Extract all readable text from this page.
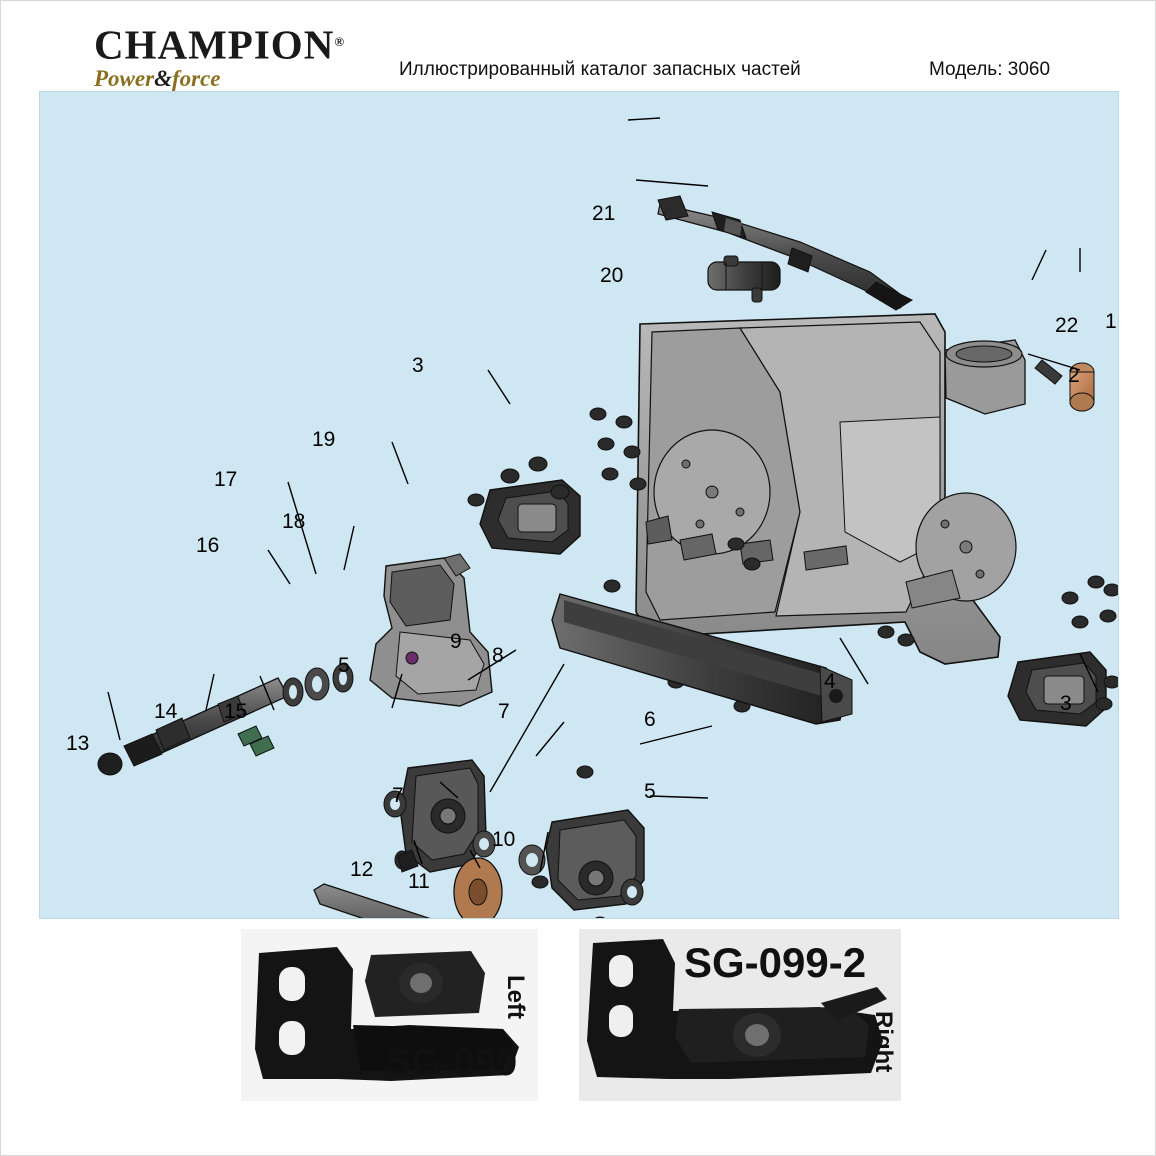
CHAMPION®
Power&force	Иллюстрированный каталог запасных частей	Модель: 3060
21
20
22 1
2
3
19
17
18
16
3
9
5	8
7	6
5
4
13
14 15
7
10
12
11
SG-099
Left
SG-099-2
Right
